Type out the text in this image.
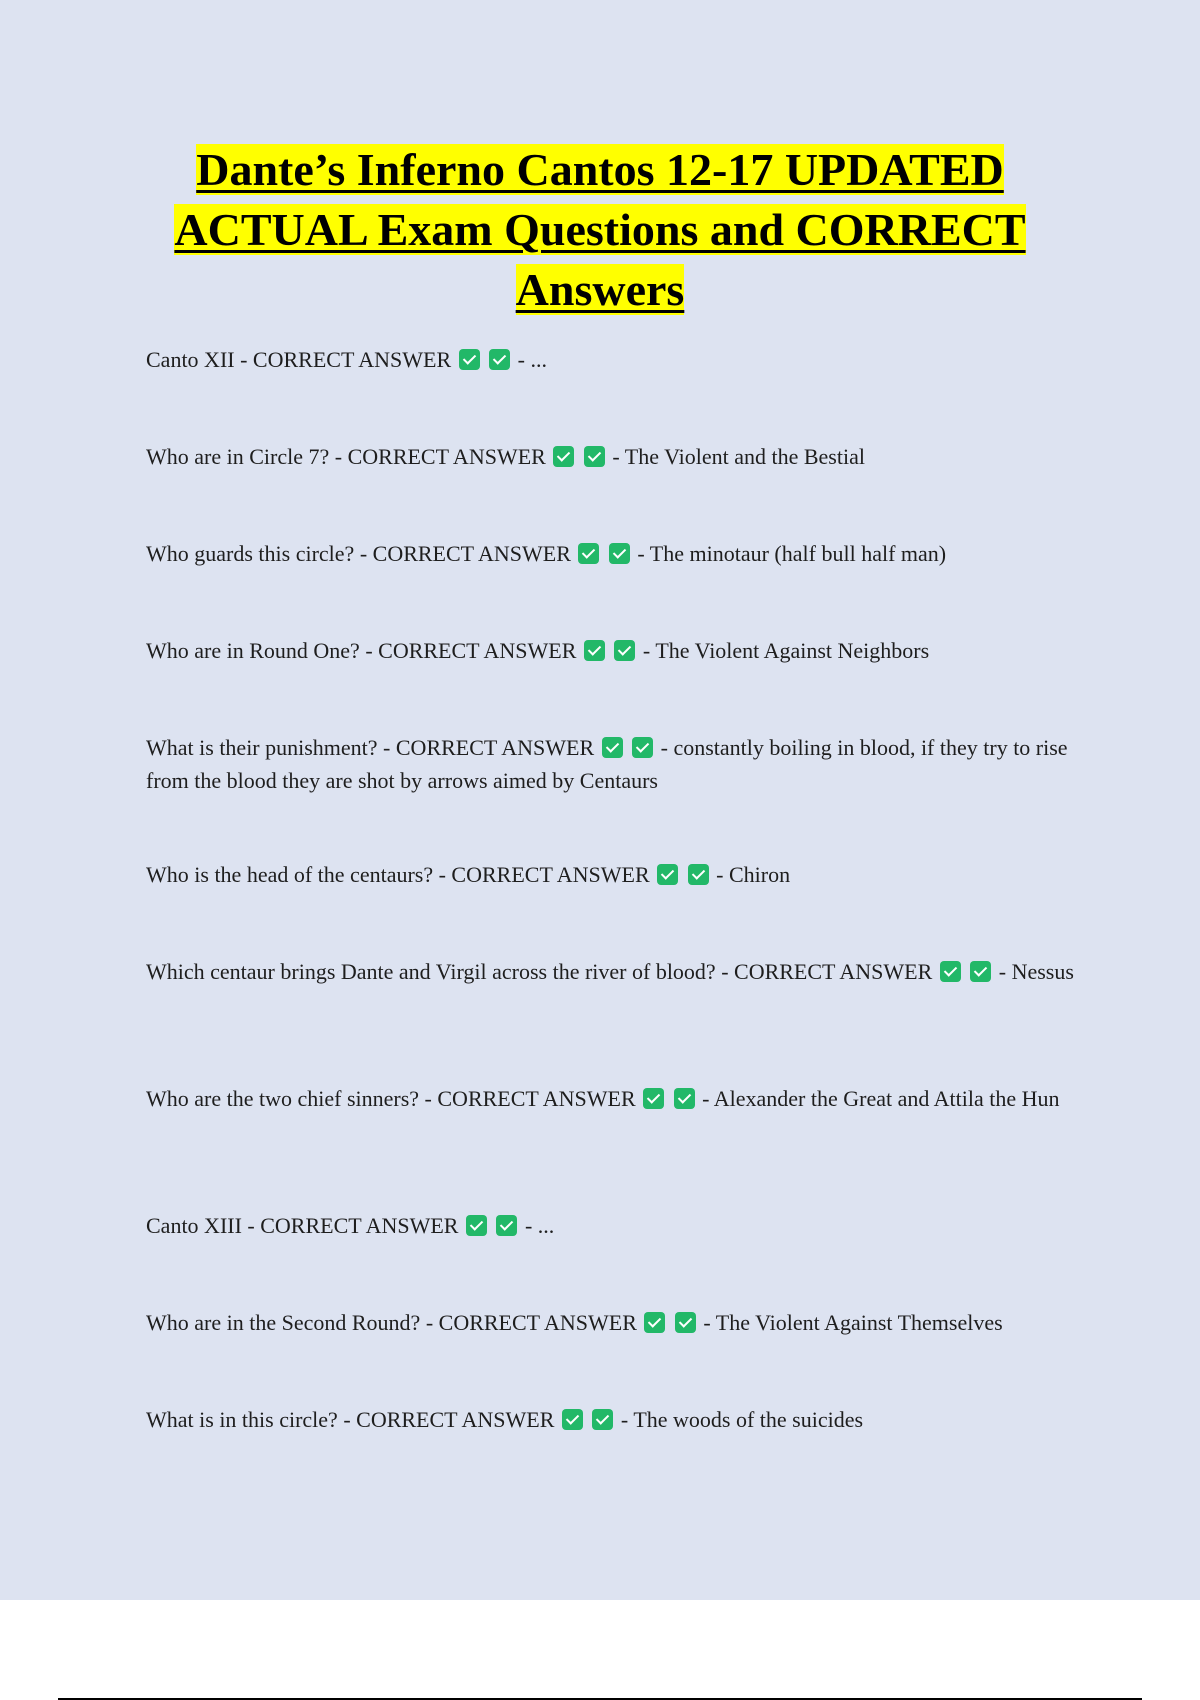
Dante’s Inferno Cantos 12-17 UPDATED ACTUAL Exam Questions and CORRECT Answers

Canto XII - CORRECT ANSWER	- ...

Who are in Circle 7? - CORRECT ANSWER	- The Violent and the Bestial

Who guards this circle? - CORRECT ANSWER	- The minotaur (half bull half man)

Who are in Round One? - CORRECT ANSWER	- The Violent Against Neighbors

What is their punishment? - CORRECT ANSWER	- constantly boiling in blood, if they try to rise from the blood they are shot by arrows aimed by Centaurs

Who is the head of the centaurs? - CORRECT ANSWER	- Chiron

Which centaur brings Dante and Virgil across the river of blood? - CORRECT ANSWER	- Nessus

Who are the two chief sinners? - CORRECT ANSWER	- Alexander the Great and Attila the Hun

Canto XIII - CORRECT ANSWER	- ...

Who are in the Second Round? - CORRECT ANSWER	- The Violent Against Themselves

What is in this circle? - CORRECT ANSWER	- The woods of the suicides
